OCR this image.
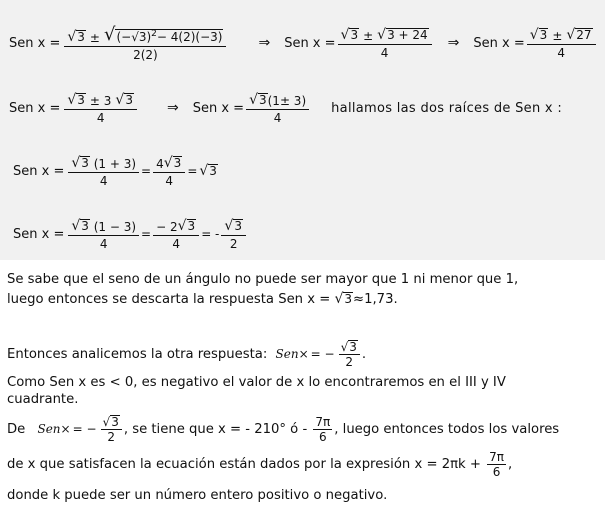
Sen $x = \frac{√ 3 \pm √ (-√3)^2- 4(2)(-3)}{2(2)}$ ⇒ Sen $x = \frac{√ 3 \pm √ 3 + 24}{4}$ ⇒ Sen $x = \frac{√ 3 \pm √ 27}{4}$
Sen $x = \frac{√ 3 \pm 3 √ 3}{4}$ ⇒ Sen $x = \frac{√ 3 (1\pm 3)}{4}$ hallamos las dos raíces de Sen x :
Sen $x = \frac{√ 3 (1 + 3)}{4} = \frac{4 √ 3}{4}$ = √ 3
Sen $x = \frac{√ 3 (1 - 3)}{4} = \frac{- 2 √ 3}{4}$ = - $\frac{√ 3}{2}$
Se sabe que el seno de un ángulo no puede ser mayor que 1 ni menor que 1,
luego entonces se descarta la respuesta Sen x = √ 3 ≈1,73.
Entonces analicemos la otra respuesta: Sen× = − $\frac{√ 3}{2}$ .
Como Sen x es < 0, es negativo el valor de x lo encontraremos en el III y IV
cuadrante.
De Sen× = − $\frac{√ 3}{2}$ , se tiene que x = - 210° ó - $\frac{7\pi}{6}$ , luego entonces todos los valores
de x que satisfacen la ecuación están dados por la expresión $x = 2\pi k + \frac{7\pi}{6}$ ,
donde k puede ser un número entero positivo o negativo.
